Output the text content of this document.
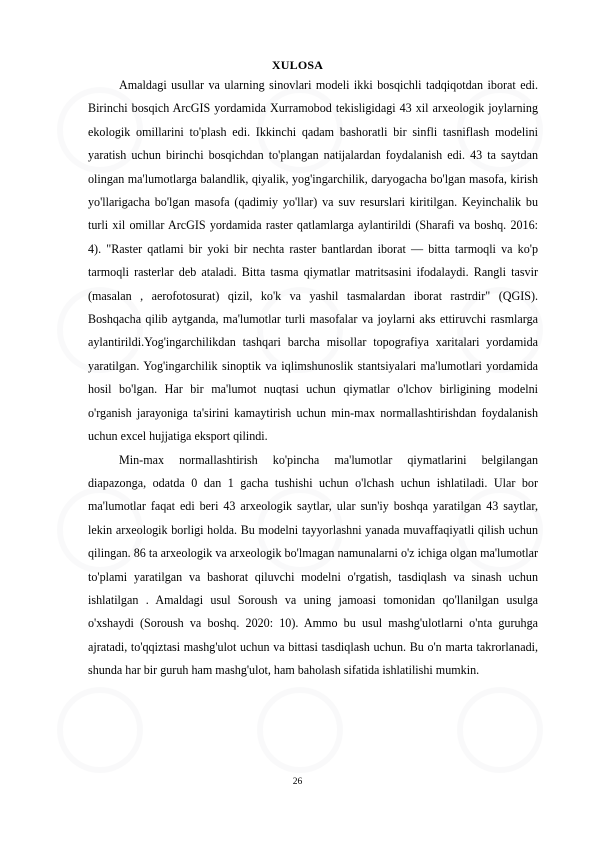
XULOSA

Amaldagi usullar va ularning sinovlari modeli ikki bosqichli tadqiqotdan iborat edi. Birinchi bosqich ArcGIS yordamida Xurramobod tekisligidagi 43 xil arxeologik joylarning ekologik omillarini to'plash edi. Ikkinchi qadam bashoratli bir sinfli tasniflash modelini yaratish uchun birinchi bosqichdan to'plangan natijalardan foydalanish edi. 43 ta saytdan olingan ma'lumotlarga balandlik, qiyalik, yog'ingarchilik, daryogacha bo'lgan masofa, kirish yo'llarigacha bo'lgan masofa (qadimiy yo'llar) va suv resurslari kiritilgan. Keyinchalik bu turli xil omillar ArcGIS yordamida raster qatlamlarga aylantirildi (Sharafi va boshq. 2016: 4). "Raster qatlami bir yoki bir nechta raster bantlardan iborat — bitta tarmoqli va ko'p tarmoqli rasterlar deb ataladi. Bitta tasma qiymatlar matritsasini ifodalaydi. Rangli tasvir (masalan , aerofotosurat) qizil, ko'k va yashil tasmalardan iborat rastrdir" (QGIS). Boshqacha qilib aytganda, ma'lumotlar turli masofalar va joylarni aks ettiruvchi rasmlarga aylantirildi.Yog'ingarchilikdan tashqari barcha misollar topografiya xaritalari yordamida yaratilgan. Yog'ingarchilik sinoptik va iqlimshunoslik stantsiyalari ma'lumotlari yordamida hosil bo'lgan. Har bir ma'lumot nuqtasi uchun qiymatlar o'lchov birligining modelni o'rganish jarayoniga ta'sirini kamaytirish uchun min-max normallashtirishdan foydalanish uchun excel hujjatiga eksport qilindi.

Min-max normallashtirish ko'pincha ma'lumotlar qiymatlarini belgilangan diapazonga, odatda 0 dan 1 gacha tushishi uchun o'lchash uchun ishlatiladi. Ular bor ma'lumotlar faqat edi beri 43 arxeologik saytlar, ular sun'iy boshqa yaratilgan 43 saytlar, lekin arxeologik borligi holda. Bu modelni tayyorlashni yanada muvaffaqiyatli qilish uchun qilingan. 86 ta arxeologik va arxeologik bo'lmagan namunalarni o'z ichiga olgan ma'lumotlar to'plami yaratilgan va bashorat qiluvchi modelni o'rgatish, tasdiqlash va sinash uchun ishlatilgan . Amaldagi usul Soroush va uning jamoasi tomonidan qo'llanilgan usulga o'xshaydi (Soroush va boshq. 2020: 10). Ammo bu usul mashg'ulotlarni o'nta guruhga ajratadi, to'qqiztasi mashg'ulot uchun va bittasi tasdiqlash uchun. Bu o'n marta takrorlanadi, shunda har bir guruh ham mashg'ulot, ham baholash sifatida ishlatilishi mumkin.

26
